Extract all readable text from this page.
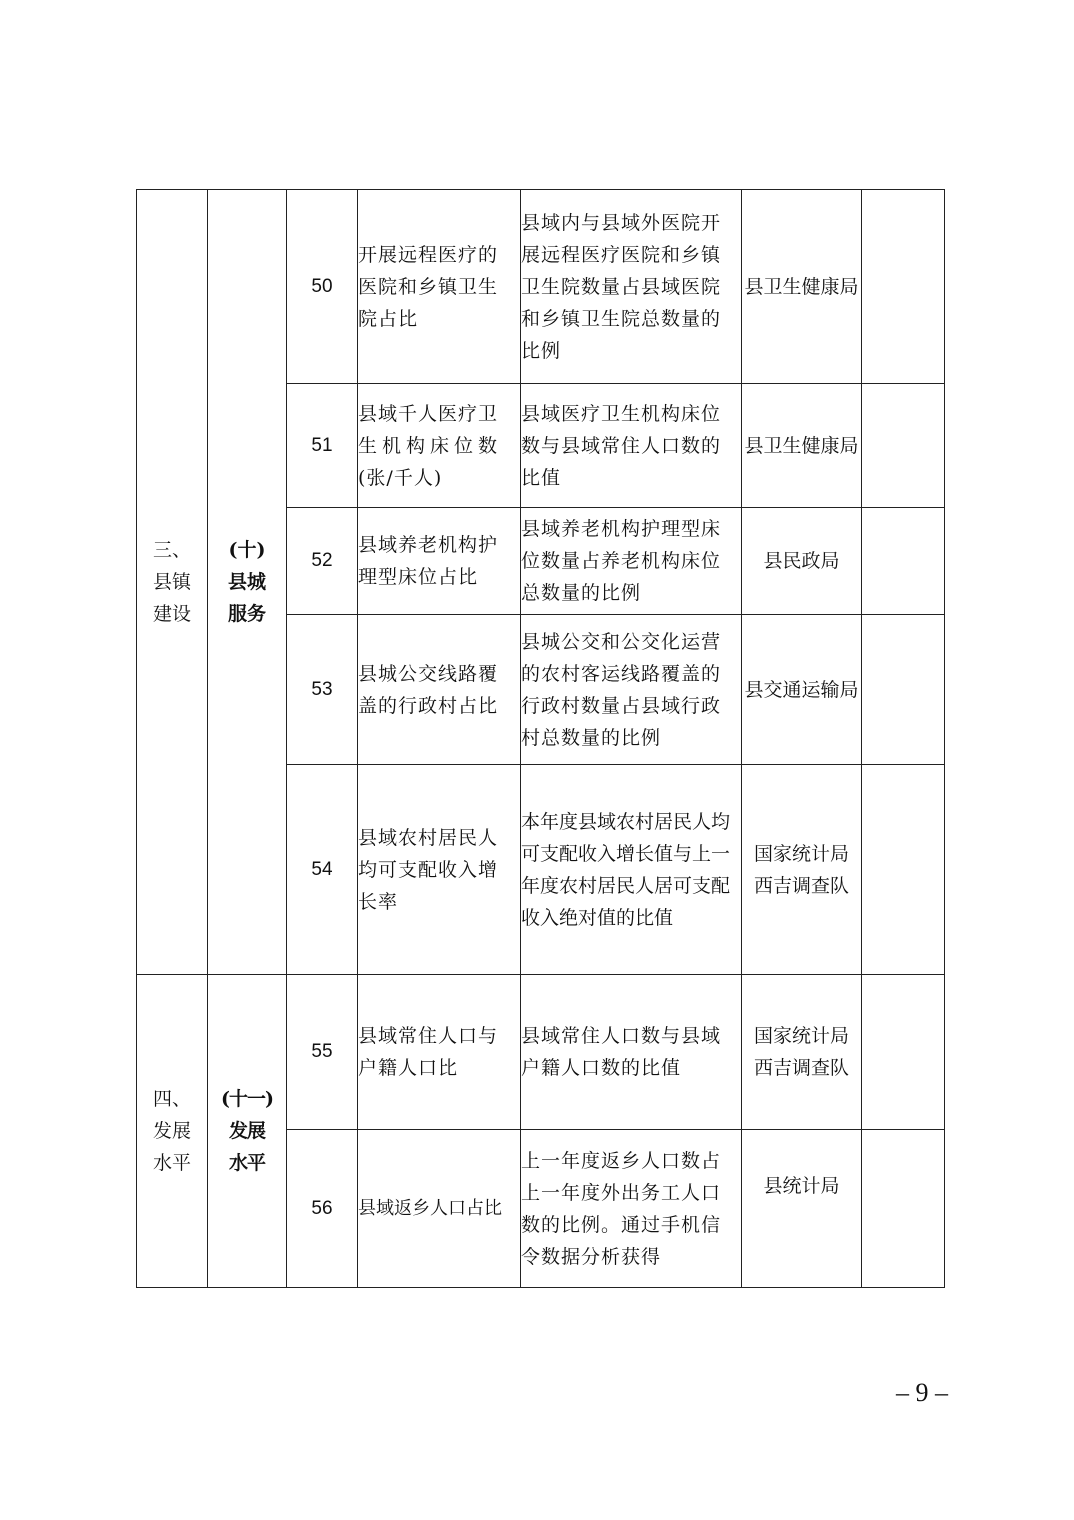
三、
县镇
建设	(十)
县城
服务	50	开展远程医疗的
医院和乡镇卫生
院占比	县域内与县域外医院开
展远程医疗医院和乡镇
卫生院数量占县域医院
和乡镇卫生院总数量的
比例	县卫生健康局	

		51	县域千人医疗卫
生机构床位数
(张/千人)	县域医疗卫生机构床位
数与县域常住人口数的
比值	县卫生健康局	

		52	县域养老机构护
理型床位占比	县域养老机构护理型床
位数量占养老机构床位
总数量的比例	县民政局	

		53	县城公交线路覆
盖的行政村占比	县城公交和公交化运营
的农村客运线路覆盖的
行政村数量占县域行政
村总数量的比例	县交通运输局	

		54	县域农村居民人
均可支配收入增
长率	本年度县域农村居民人均
可支配收入增长值与上一
年度农村居民人居可支配
收入绝对值的比值	国家统计局
西吉调查队	

四、
发展
水平	(十一)
发展
水平	55	县域常住人口与
户籍人口比	县域常住人口数与县域
户籍人口数的比值	国家统计局
西吉调查队	

		56	县域返乡人口占比	上一年度返乡人口数占
上一年度外出务工人口
数的比例。通过手机信
令数据分析获得	县统计局	

– 9 –
